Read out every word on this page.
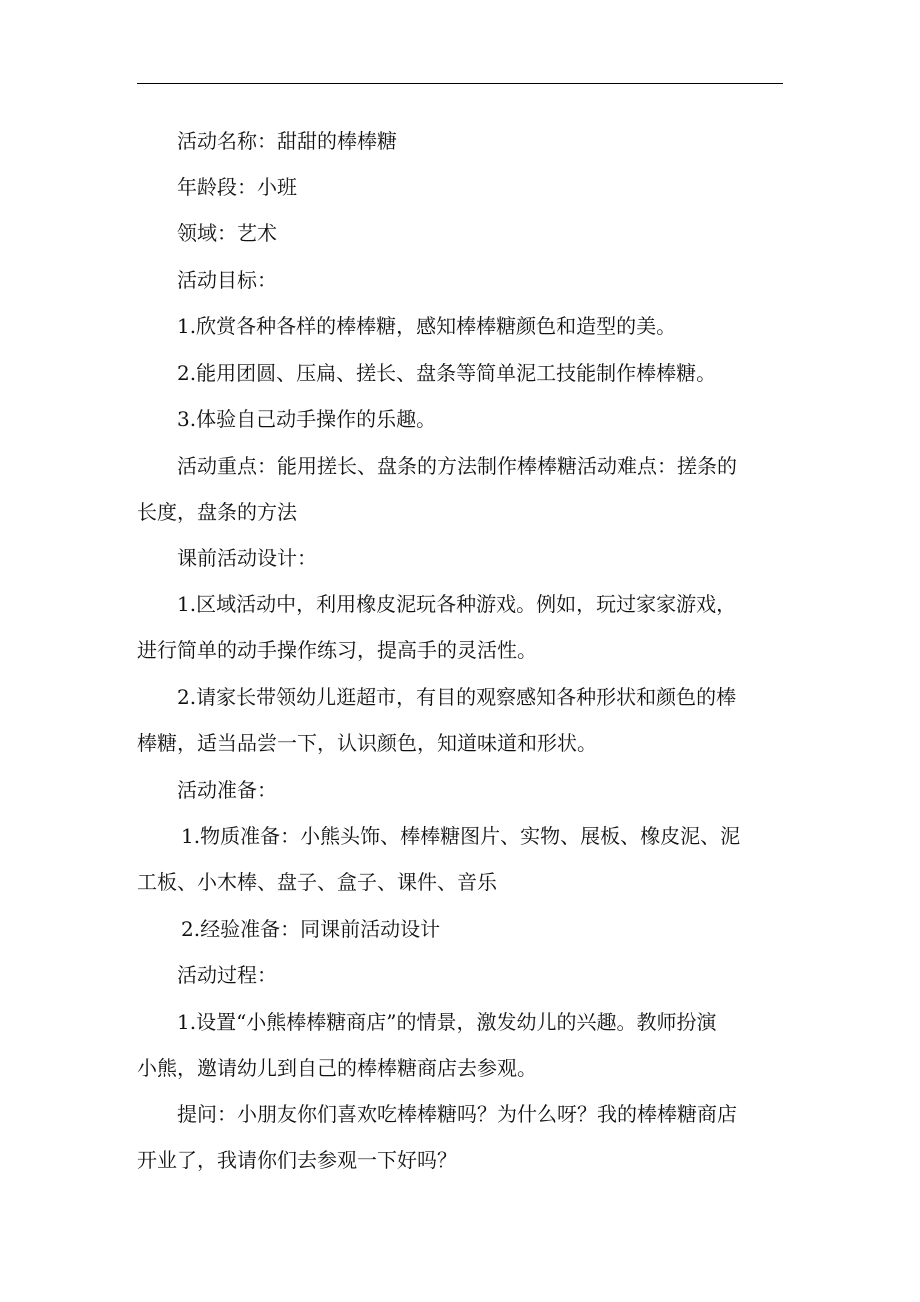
活动名称：甜甜的棒棒糖

年龄段：小班

领域：艺术

活动目标：

1.欣赏各种各样的棒棒糖，感知棒棒糖颜色和造型的美。

2.能用团圆、压扁、搓长、盘条等简单泥工技能制作棒棒糖。

3.体验自己动手操作的乐趣。

活动重点：能用搓长、盘条的方法制作棒棒糖活动难点：搓条的
长度，盘条的方法

课前活动设计：

1.区域活动中，利用橡皮泥玩各种游戏。例如，玩过家家游戏，
进行简单的动手操作练习，提高手的灵活性。

2.请家长带领幼儿逛超市，有目的观察感知各种形状和颜色的棒
棒糖，适当品尝一下，认识颜色，知道味道和形状。

活动准备：

1.物质准备：小熊头饰、棒棒糖图片、实物、展板、橡皮泥、泥
工板、小木棒、盘子、盒子、课件、音乐

2.经验准备：同课前活动设计

活动过程：

1.设置“小熊棒棒糖商店”的情景，激发幼儿的兴趣。教师扮演
小熊，邀请幼儿到自己的棒棒糖商店去参观。

提问：小朋友你们喜欢吃棒棒糖吗？为什么呀？我的棒棒糖商店
开业了，我请你们去参观一下好吗？
